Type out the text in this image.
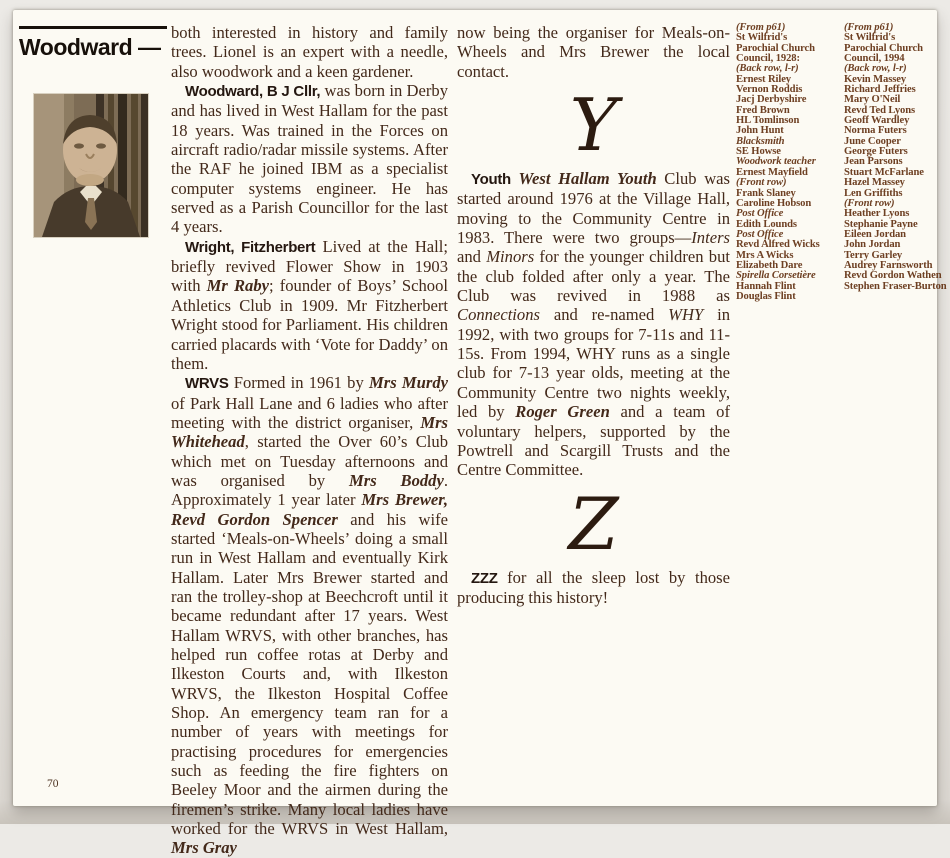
Woodward —
70

both interested in history and family trees. Lionel is an expert with a needle, also woodwork and a keen gardener.

Woodward, B J Cllr, was born in Derby and has lived in West Hallam for the past 18 years. Was trained in the Forces on aircraft radio/radar missile systems. After the RAF he joined IBM as a specialist computer systems engineer. He has served as a Parish Councillor for the last 4 years.

Wright, Fitzherbert Lived at the Hall; briefly revived Flower Show in 1903 with Mr Raby; founder of Boys’ School Athletics Club in 1909. Mr Fitzherbert Wright stood for Parliament. His children carried placards with ‘Vote for Daddy’ on them.

WRVS Formed in 1961 by Mrs Murdy of Park Hall Lane and 6 ladies who after meeting with the district organiser, Mrs Whitehead, started the Over 60’s Club which met on Tuesday afternoons and was organised by Mrs Boddy. Approximately 1 year later Mrs Brewer, Revd Gordon Spencer and his wife started ‘Meals-on-Wheels’ doing a small run in West Hallam and eventually Kirk Hallam. Later Mrs Brewer started and ran the trolley-shop at Beechcroft until it became redundant after 17 years. West Hallam WRVS, with other branches, has helped run coffee rotas at Derby and Ilkeston Courts and, with Ilkeston WRVS, the Ilkeston Hospital Coffee Shop. An emergency team ran for a number of years with meetings for practising procedures for emergencies such as feeding the fire fighters on Beeley Moor and the airmen during the firemen’s strike. Many local ladies have worked for the WRVS in West Hallam, Mrs Gray

now being the organiser for Meals-on-Wheels and Mrs Brewer the local contact.

Y

Youth West Hallam Youth Club was started around 1976 at the Village Hall, moving to the Community Centre in 1983. There were two groups—Inters and Minors for the younger children but the club folded after only a year. The Club was revived in 1988 as Connections and re-named WHY in 1992, with two groups for 7-11s and 11-15s. From 1994, WHY runs as a single club for 7-13 year olds, meeting at the Community Centre two nights weekly, led by Roger Green and a team of voluntary helpers, supported by the Powtrell and Scargill Trusts and the Centre Committee.

Z

ZZZ for all the sleep lost by those producing this history!

(From p61)
St Wilfrid's
Parochial Church
Council, 1928:
(Back row, l-r)
Ernest Riley
Vernon Roddis
Jacj Derbyshire
Fred Brown
HL Tomlinson
John Hunt
Blacksmith
SE Howse
Woodwork teacher
Ernest Mayfield
(Front row)
Frank Slaney
Caroline Hobson
Post Office
Edith Lounds
Post Office
Revd Alfred Wicks
Mrs A Wicks
Elizabeth Dare
Spirella Corsetière
Hannah Flint
Douglas Flint
(From p61)
St Wilfrid's
Parochial Church
Council, 1994
(Back row, l-r)
Kevin Massey
Richard Jeffries
Mary O'Neil
Revd Ted Lyons
Geoff Wardley
Norma Futers
June Cooper
George Futers
Jean Parsons
Stuart McFarlane
Hazel Massey
Len Griffiths
(Front row)
Heather Lyons
Stephanie Payne
Eileen Jordan
John Jordan
Terry Garley
Audrey Farnsworth
Revd Gordon Wathen
Stephen Fraser-Burton
